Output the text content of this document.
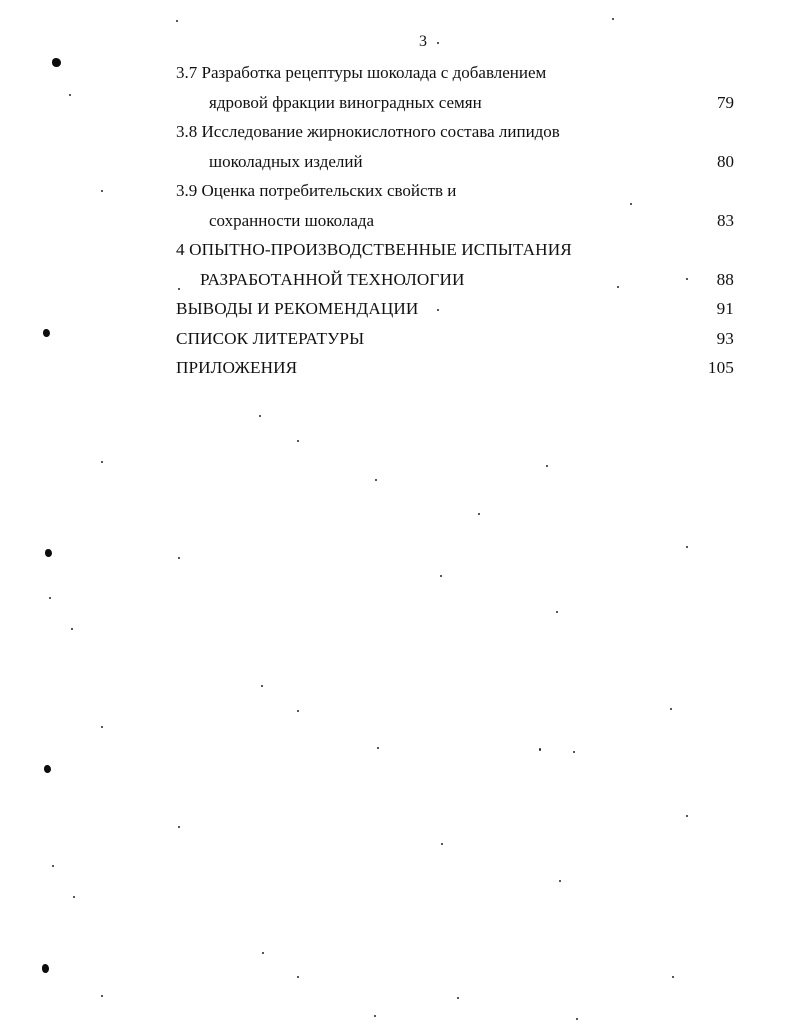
3
3.7 Разработка рецептуры шоколада с добавлением
ядровой фракции виноградных семян	79
3.8 Исследование жирнокислотного состава липидов
шоколадных изделий	80
3.9 Оценка потребительских свойств и
сохранности шоколада	83
4 ОПЫТНО-ПРОИЗВОДСТВЕННЫЕ ИСПЫТАНИЯ
РАЗРАБОТАННОЙ ТЕХНОЛОГИИ	88
ВЫВОДЫ И РЕКОМЕНДАЦИИ	91
СПИСОК ЛИТЕРАТУРЫ	93
ПРИЛОЖЕНИЯ	105
